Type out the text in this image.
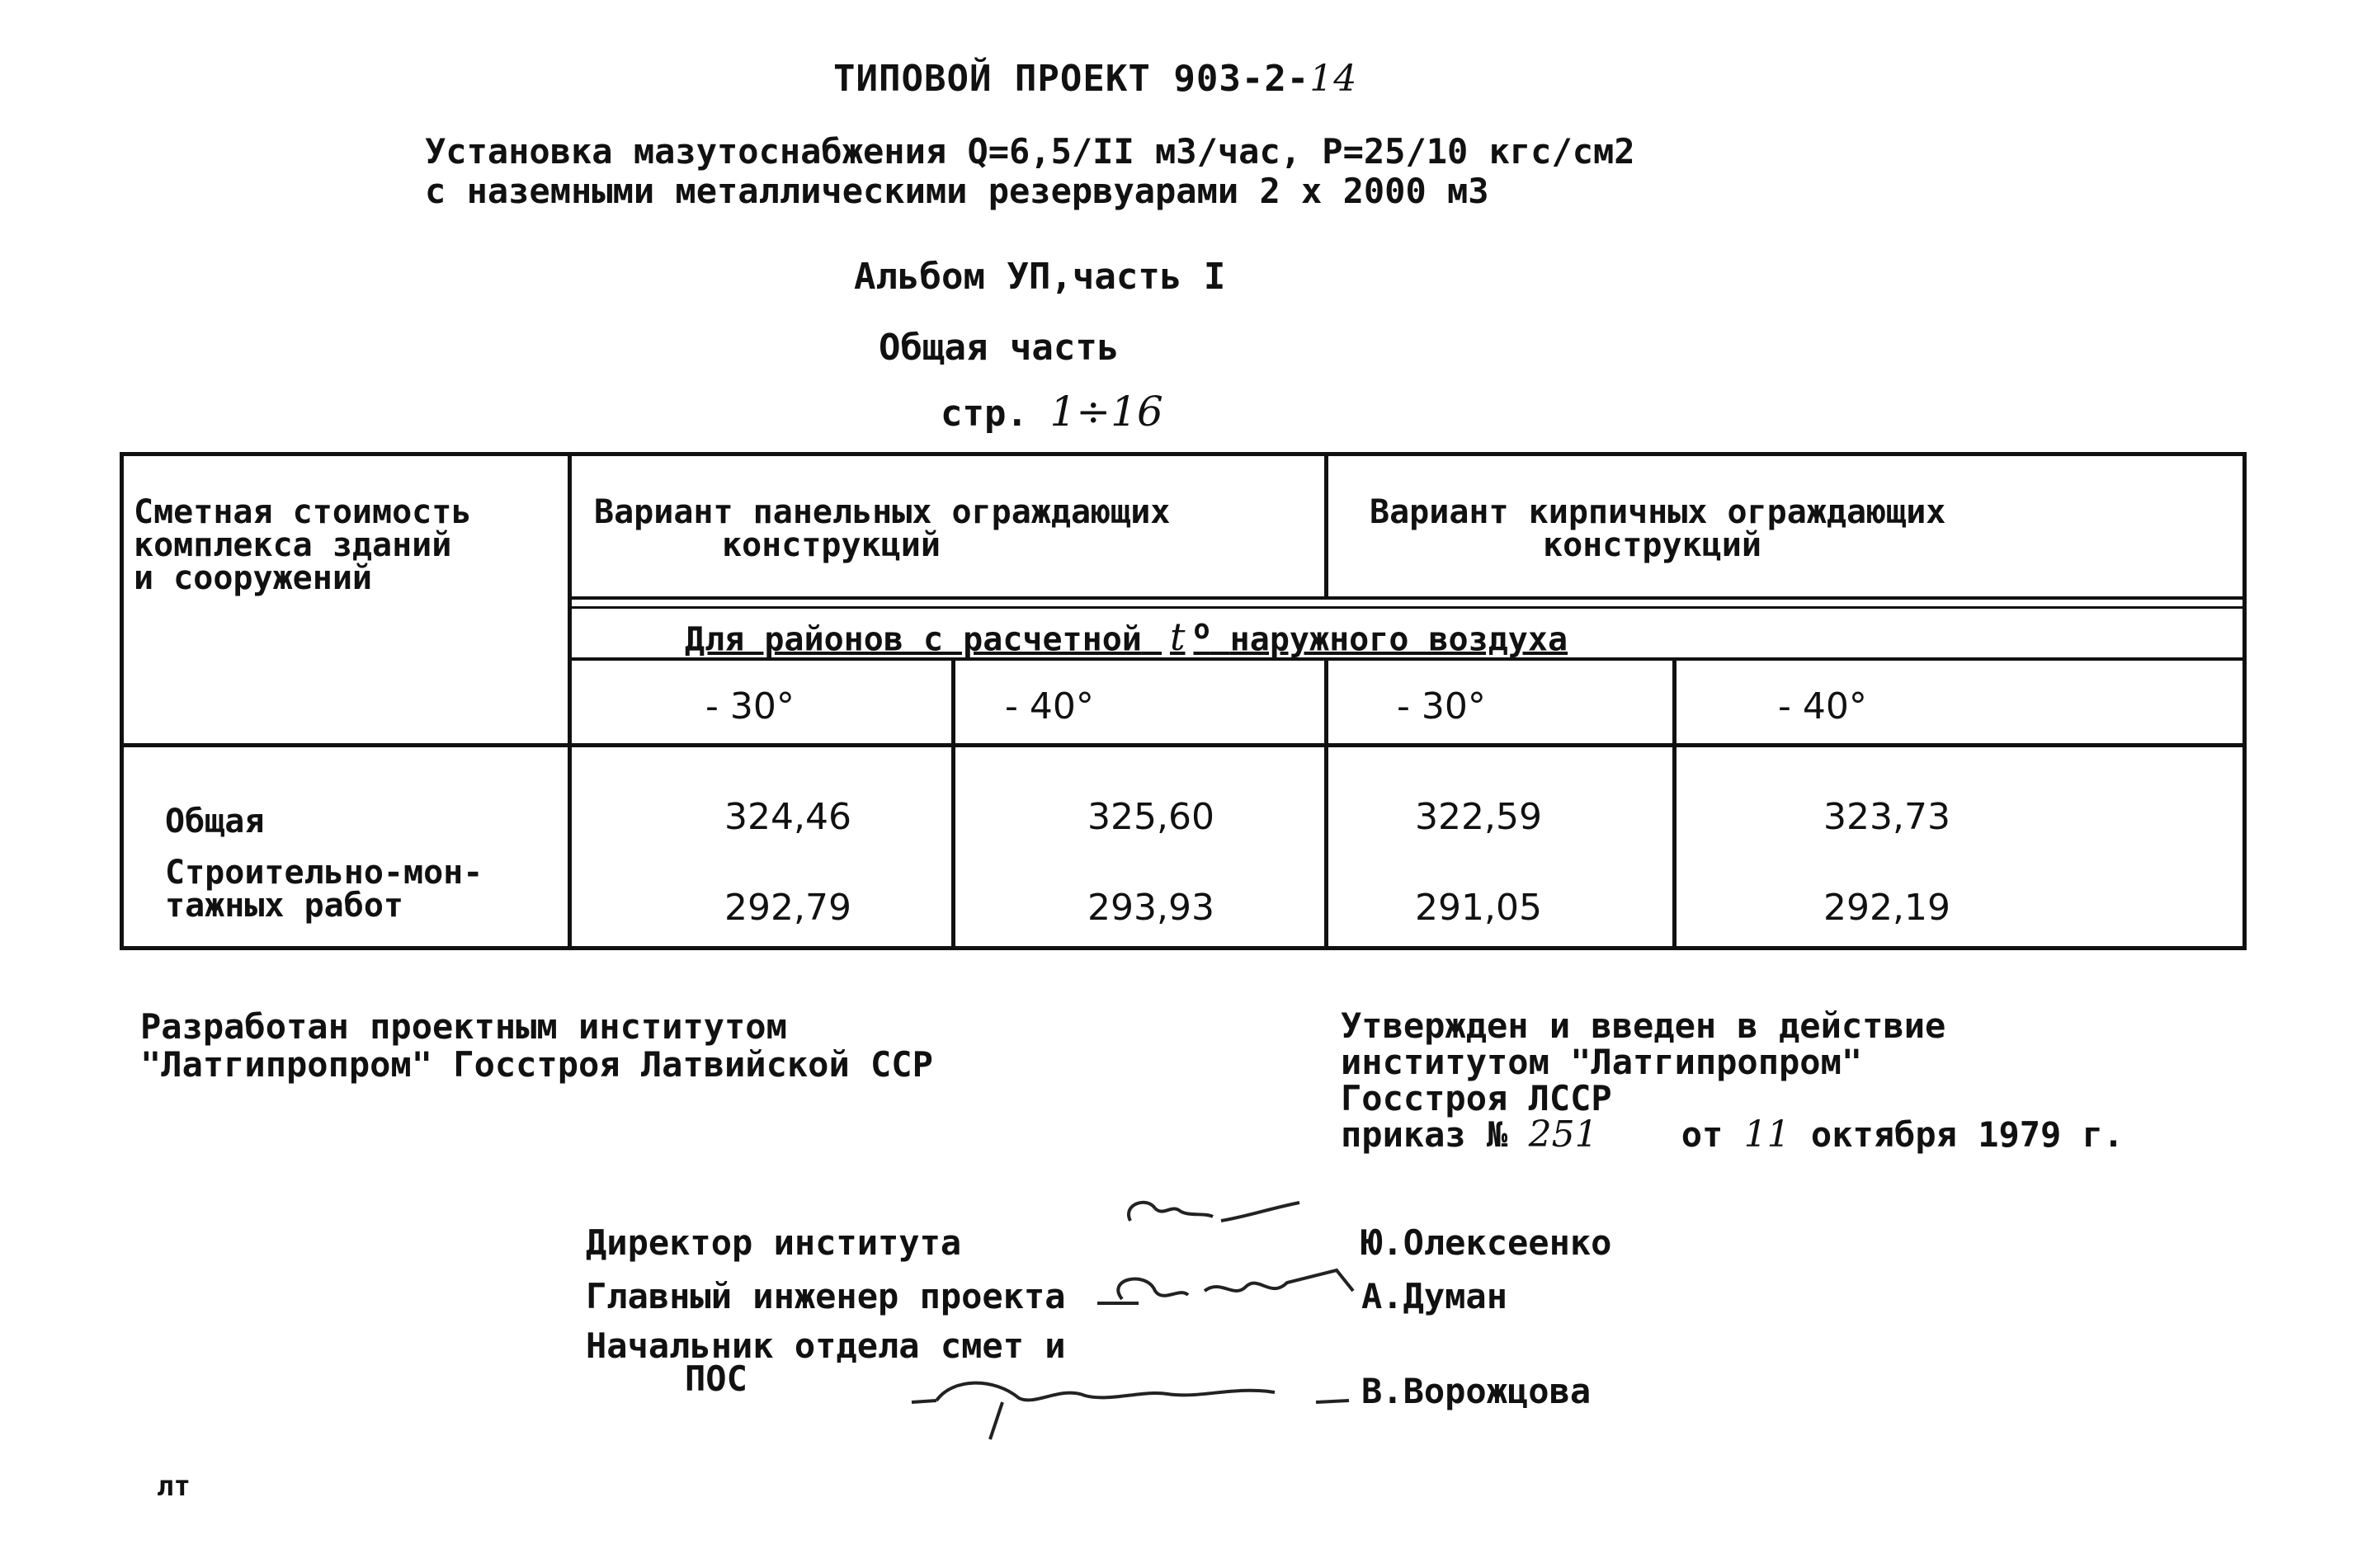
ТИПОВОЙ ПРОЕКТ 903-2-14
Установка мазутоснабжения Q=6,5/II м3/час, Р=25/10 кгс/см2
с наземными металлическими резервуарами 2 х 2000 м3
Альбом УП,часть I
Общая часть
стр. 1÷16
Сметная стоимость
комплекса зданий
и сооружений
Вариант панельных ограждающих
конструкций
Вариант кирпичных ограждающих
конструкций
Для районов с расчетной t $^о$ наружного воздуха
- 30°	- 40°	- 30°	- 40°
Общая	324,46	325,60	322,59	323,73
Строительно-мон-
тажных работ	292,79	293,93	291,05	292,19
Разработан проектным институтом
"Латгипропром" Госстроя Латвийской ССР
Утвержден и введен в действие
институтом "Латгипропром"
Госстроя ЛССР
приказ № 251 от 11 октября 1979 г.
Директор института	Ю.Олексеенко
Главный инженер проекта	А.Думан
Начальник отдела смет и
ПОС	В.Ворожцова
лт
